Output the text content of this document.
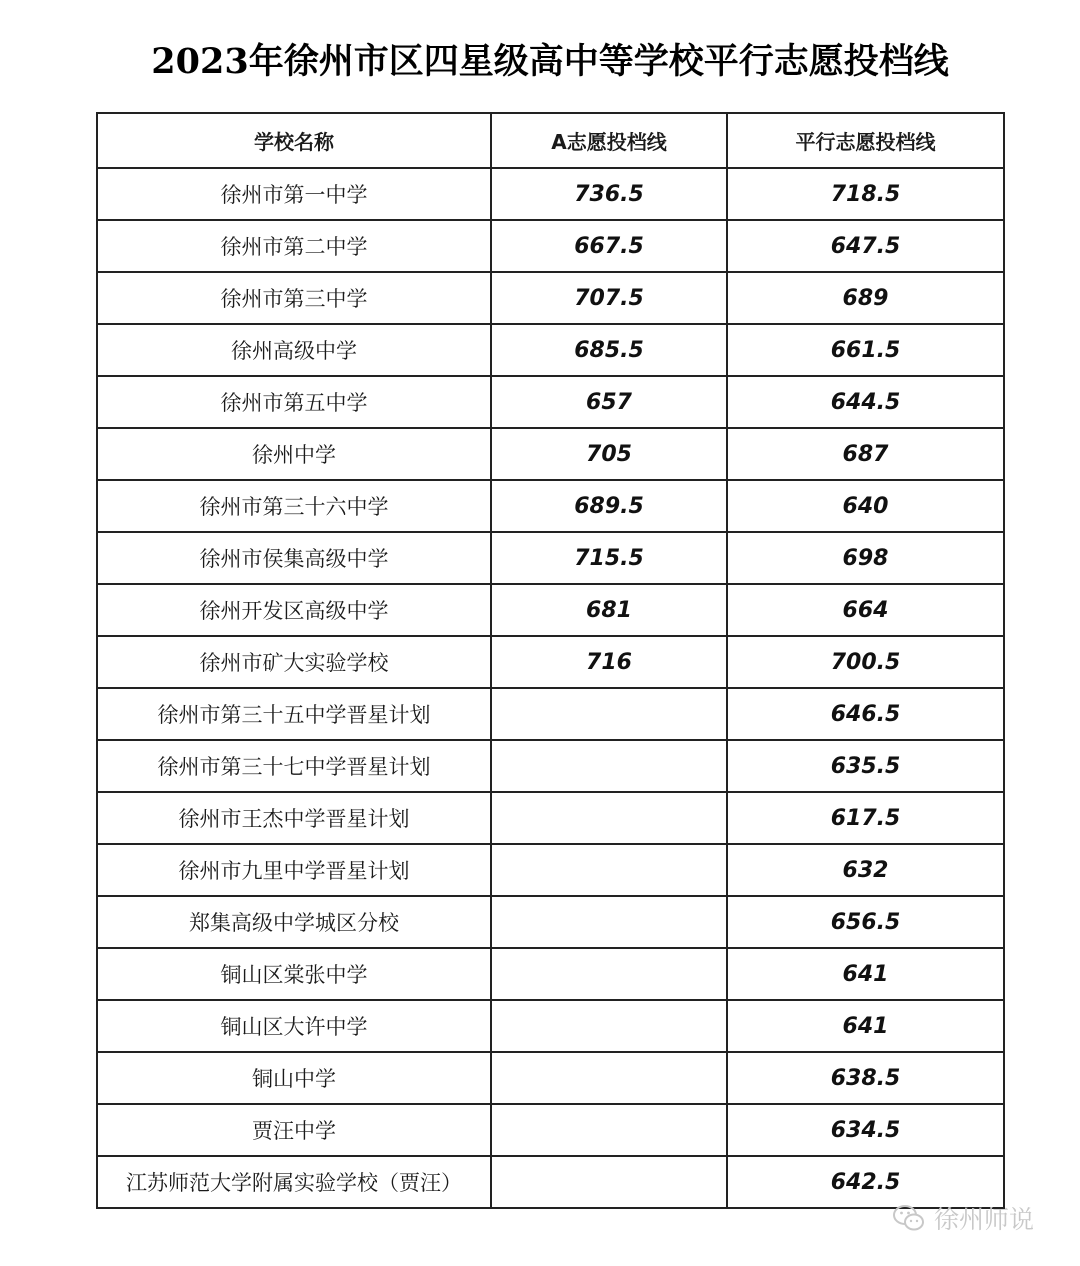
2023年徐州市区四星级高中等学校平行志愿投档线
学校名称	A志愿投档线	平行志愿投档线
徐州市第一中学	736.5	718.5
徐州市第二中学	667.5	647.5
徐州市第三中学	707.5	689
徐州高级中学	685.5	661.5
徐州市第五中学	657	644.5
徐州中学	705	687
徐州市第三十六中学	689.5	640
徐州市侯集高级中学	715.5	698
徐州开发区高级中学	681	664
徐州市矿大实验学校	716	700.5
徐州市第三十五中学晋星计划		646.5
徐州市第三十七中学晋星计划		635.5
徐州市王杰中学晋星计划		617.5
徐州市九里中学晋星计划		632
郑集高级中学城区分校		656.5
铜山区棠张中学		641
铜山区大许中学		641
铜山中学		638.5
贾汪中学		634.5
江苏师范大学附属实验学校（贾汪）		642.5
徐州师说
